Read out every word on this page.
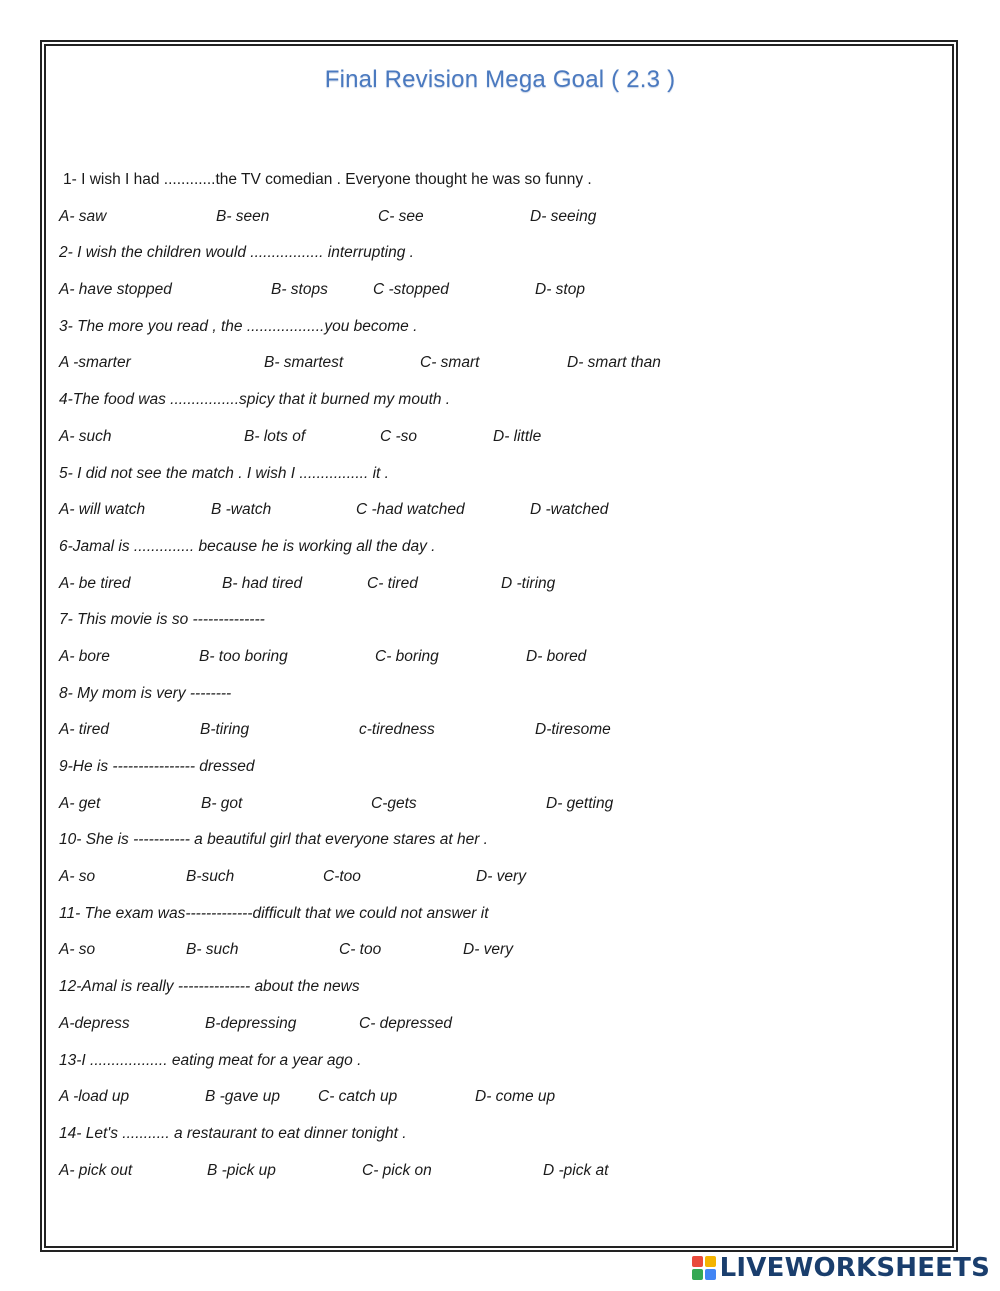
Final Revision Mega Goal ( 2.3 )
1- I wish I had ............the TV comedian . Everyone thought he was so funny .
A- saw	B- seen	C- see	D- seeing
2- I wish the children would ................. interrupting .
A- have stopped	B- stops	C -stopped	D- stop
3- The more you read , the ..................you become .
A -smarter	B- smartest	C- smart	D- smart than
4-The food was ................spicy that it burned my mouth .
A- such	B- lots of	C -so	D- little
5- I did not see the match . I wish I ................ it .
A- will watch	B -watch	C -had watched	D -watched
6-Jamal is .............. because he is working all the day .
A- be tired	B- had tired	C- tired	D -tiring
7- This movie is so --------------
A- bore	B- too boring	C- boring	D- bored
8- My mom is very --------
A- tired	B-tiring	c-tiredness	D-tiresome
9-He is ---------------- dressed
A- get	B- got	C-gets	D- getting
10- She is ----------- a beautiful girl that everyone stares at her .
A- so	B-such	C-too	D- very
11- The exam was-------------difficult that we could not answer it
A- so	B- such	C- too	D- very
12-Amal is really -------------- about the news
A-depress	B-depressing	C- depressed
13-I .................. eating meat for a year ago .
A -load up	B -gave up C- catch up	D- come up
14- Let's ........... a restaurant to eat dinner tonight .
A- pick out	B -pick up	C- pick on	D -pick at
LIVEWORKSHEETS
